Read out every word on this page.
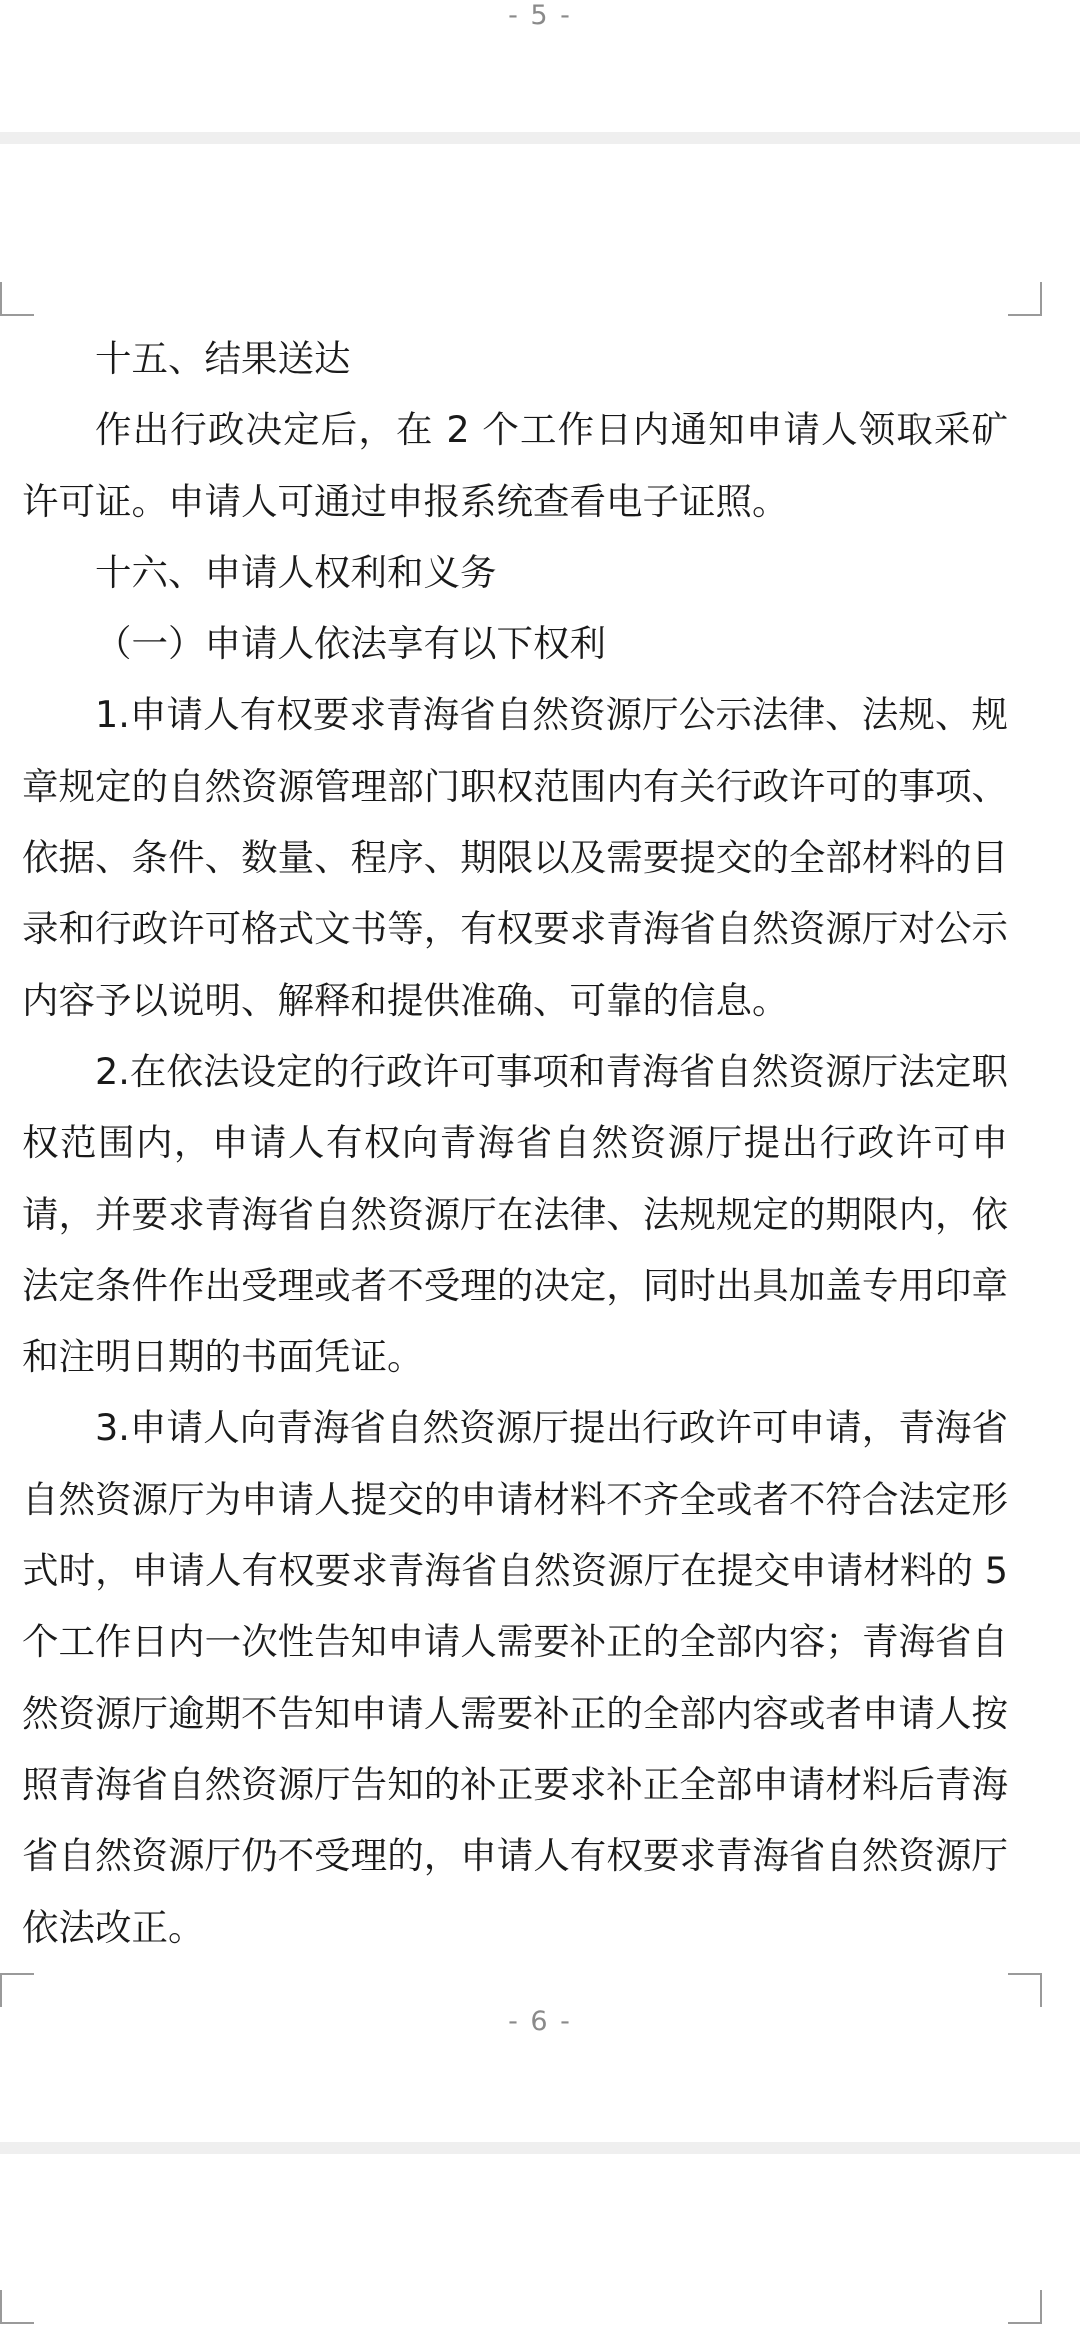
- 5 -

十五、结果送达

作出行政决定后，在 2 个工作日内通知申请人领取采矿许可证。申请人可通过申报系统查看电子证照。

十六、申请人权利和义务

（一）申请人依法享有以下权利

1.申请人有权要求青海省自然资源厅公示法律、法规、规章规定的自然资源管理部门职权范围内有关行政许可的事项、依据、条件、数量、程序、期限以及需要提交的全部材料的目录和行政许可格式文书等，有权要求青海省自然资源厅对公示内容予以说明、解释和提供准确、可靠的信息。

2.在依法设定的行政许可事项和青海省自然资源厅法定职权范围内，申请人有权向青海省自然资源厅提出行政许可申请，并要求青海省自然资源厅在法律、法规规定的期限内，依法定条件作出受理或者不受理的决定，同时出具加盖专用印章和注明日期的书面凭证。

3.申请人向青海省自然资源厅提出行政许可申请，青海省自然资源厅为申请人提交的申请材料不齐全或者不符合法定形式时，申请人有权要求青海省自然资源厅在提交申请材料的 5 个工作日内一次性告知申请人需要补正的全部内容；青海省自然资源厅逾期不告知申请人需要补正的全部内容或者申请人按照青海省自然资源厅告知的补正要求补正全部申请材料后青海省自然资源厅仍不受理的，申请人有权要求青海省自然资源厅依法改正。

- 6 -
